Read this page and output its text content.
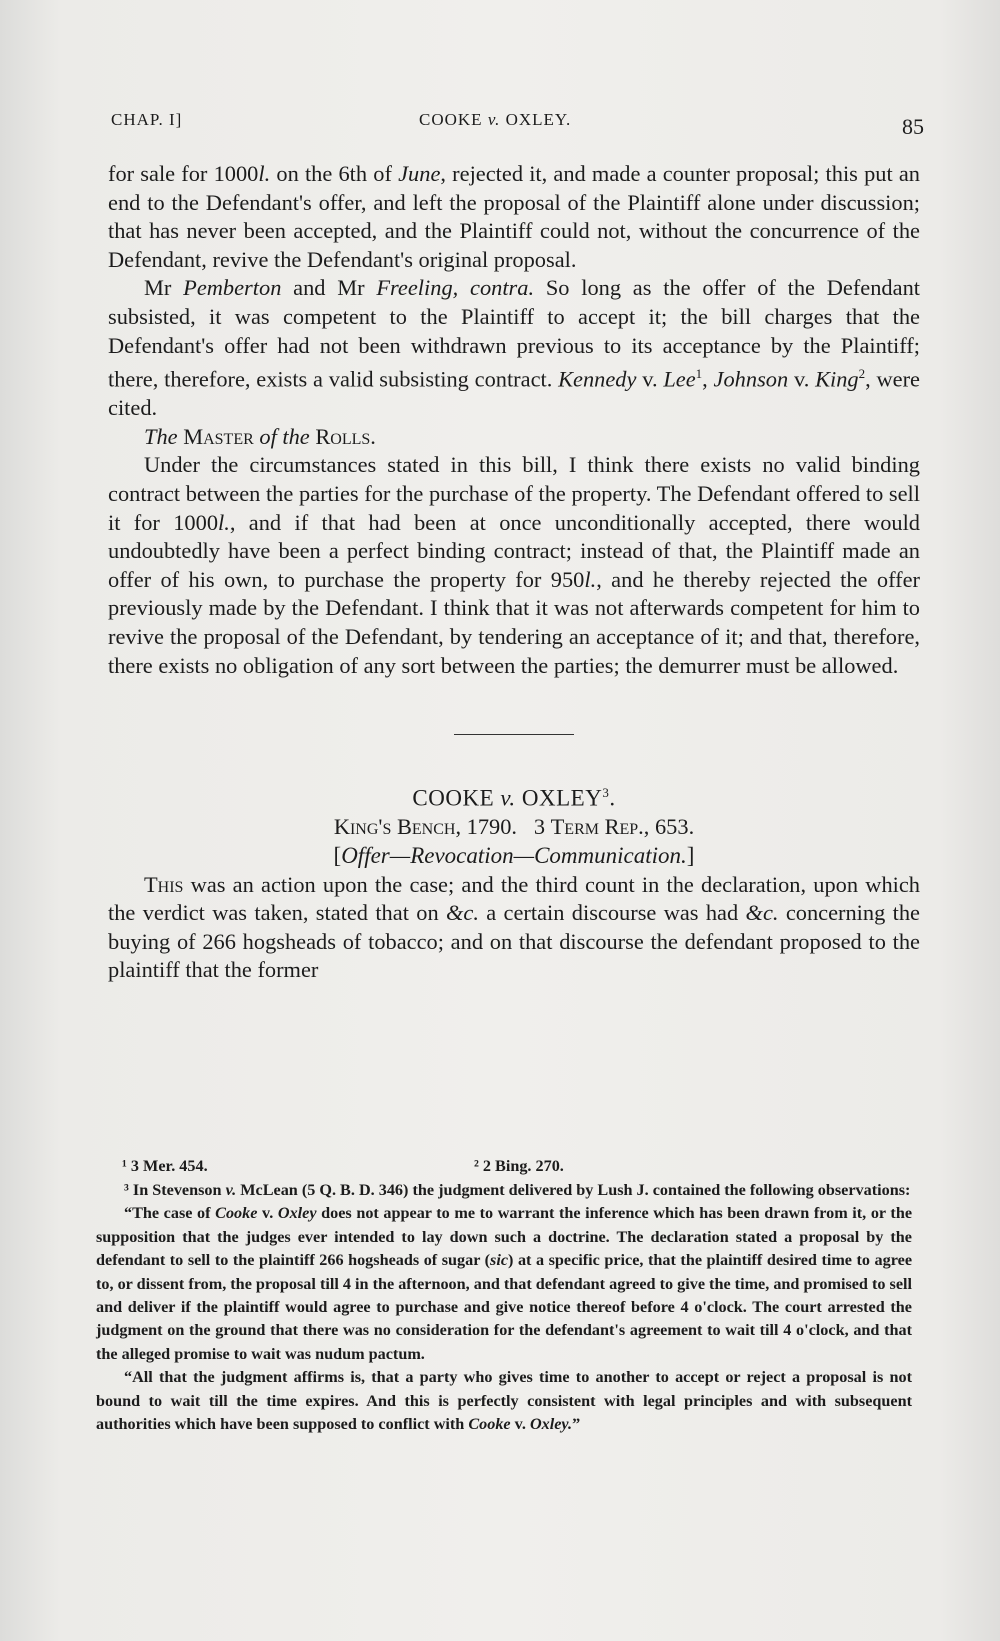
CHAP. I]	COOKE v. OXLEY.	85

for sale for 1000l. on the 6th of June, rejected it, and made a counter proposal; this put an end to the Defendant's offer, and left the proposal of the Plaintiff alone under discussion; that has never been accepted, and the Plaintiff could not, without the concurrence of the Defendant, revive the Defendant's original proposal.

Mr Pemberton and Mr Freeling, contra. So long as the offer of the Defendant subsisted, it was competent to the Plaintiff to accept it; the bill charges that the Defendant's offer had not been withdrawn previous to its acceptance by the Plaintiff; there, therefore, exists a valid subsisting contract. Kennedy v. Lee$^1$, Johnson v. King$^2$, were cited.

The Master of the Rolls.

Under the circumstances stated in this bill, I think there exists no valid binding contract between the parties for the purchase of the property. The Defendant offered to sell it for 1000l., and if that had been at once unconditionally accepted, there would undoubtedly have been a perfect binding contract; instead of that, the Plaintiff made an offer of his own, to purchase the property for 950l., and he thereby rejected the offer previously made by the Defendant. I think that it was not afterwards competent for him to revive the proposal of the Defendant, by tendering an acceptance of it; and that, therefore, there exists no obligation of any sort between the parties; the demurrer must be allowed.

COOKE v. OXLEY$^3$.

King's Bench, 1790. 3 Term Rep., 653.

[Offer—Revocation—Communication.]

This was an action upon the case; and the third count in the declaration, upon which the verdict was taken, stated that on &c. a certain discourse was had &c. concerning the buying of 266 hogsheads of tobacco; and on that discourse the defendant proposed to the plaintiff that the former

¹ 3 Mer. 454.	² 2 Bing. 270.

³ In Stevenson v. McLean (5 Q. B. D. 346) the judgment delivered by Lush J. contained the following observations:

“The case of Cooke v. Oxley does not appear to me to warrant the inference which has been drawn from it, or the supposition that the judges ever intended to lay down such a doctrine. The declaration stated a proposal by the defendant to sell to the plaintiff 266 hogsheads of sugar (sic) at a specific price, that the plaintiff desired time to agree to, or dissent from, the proposal till 4 in the afternoon, and that defendant agreed to give the time, and promised to sell and deliver if the plaintiff would agree to purchase and give notice thereof before 4 o'clock. The court arrested the judgment on the ground that there was no consideration for the defendant's agreement to wait till 4 o'clock, and that the alleged promise to wait was nudum pactum.

“All that the judgment affirms is, that a party who gives time to another to accept or reject a proposal is not bound to wait till the time expires. And this is perfectly consistent with legal principles and with subsequent authorities which have been supposed to conflict with Cooke v. Oxley.”
